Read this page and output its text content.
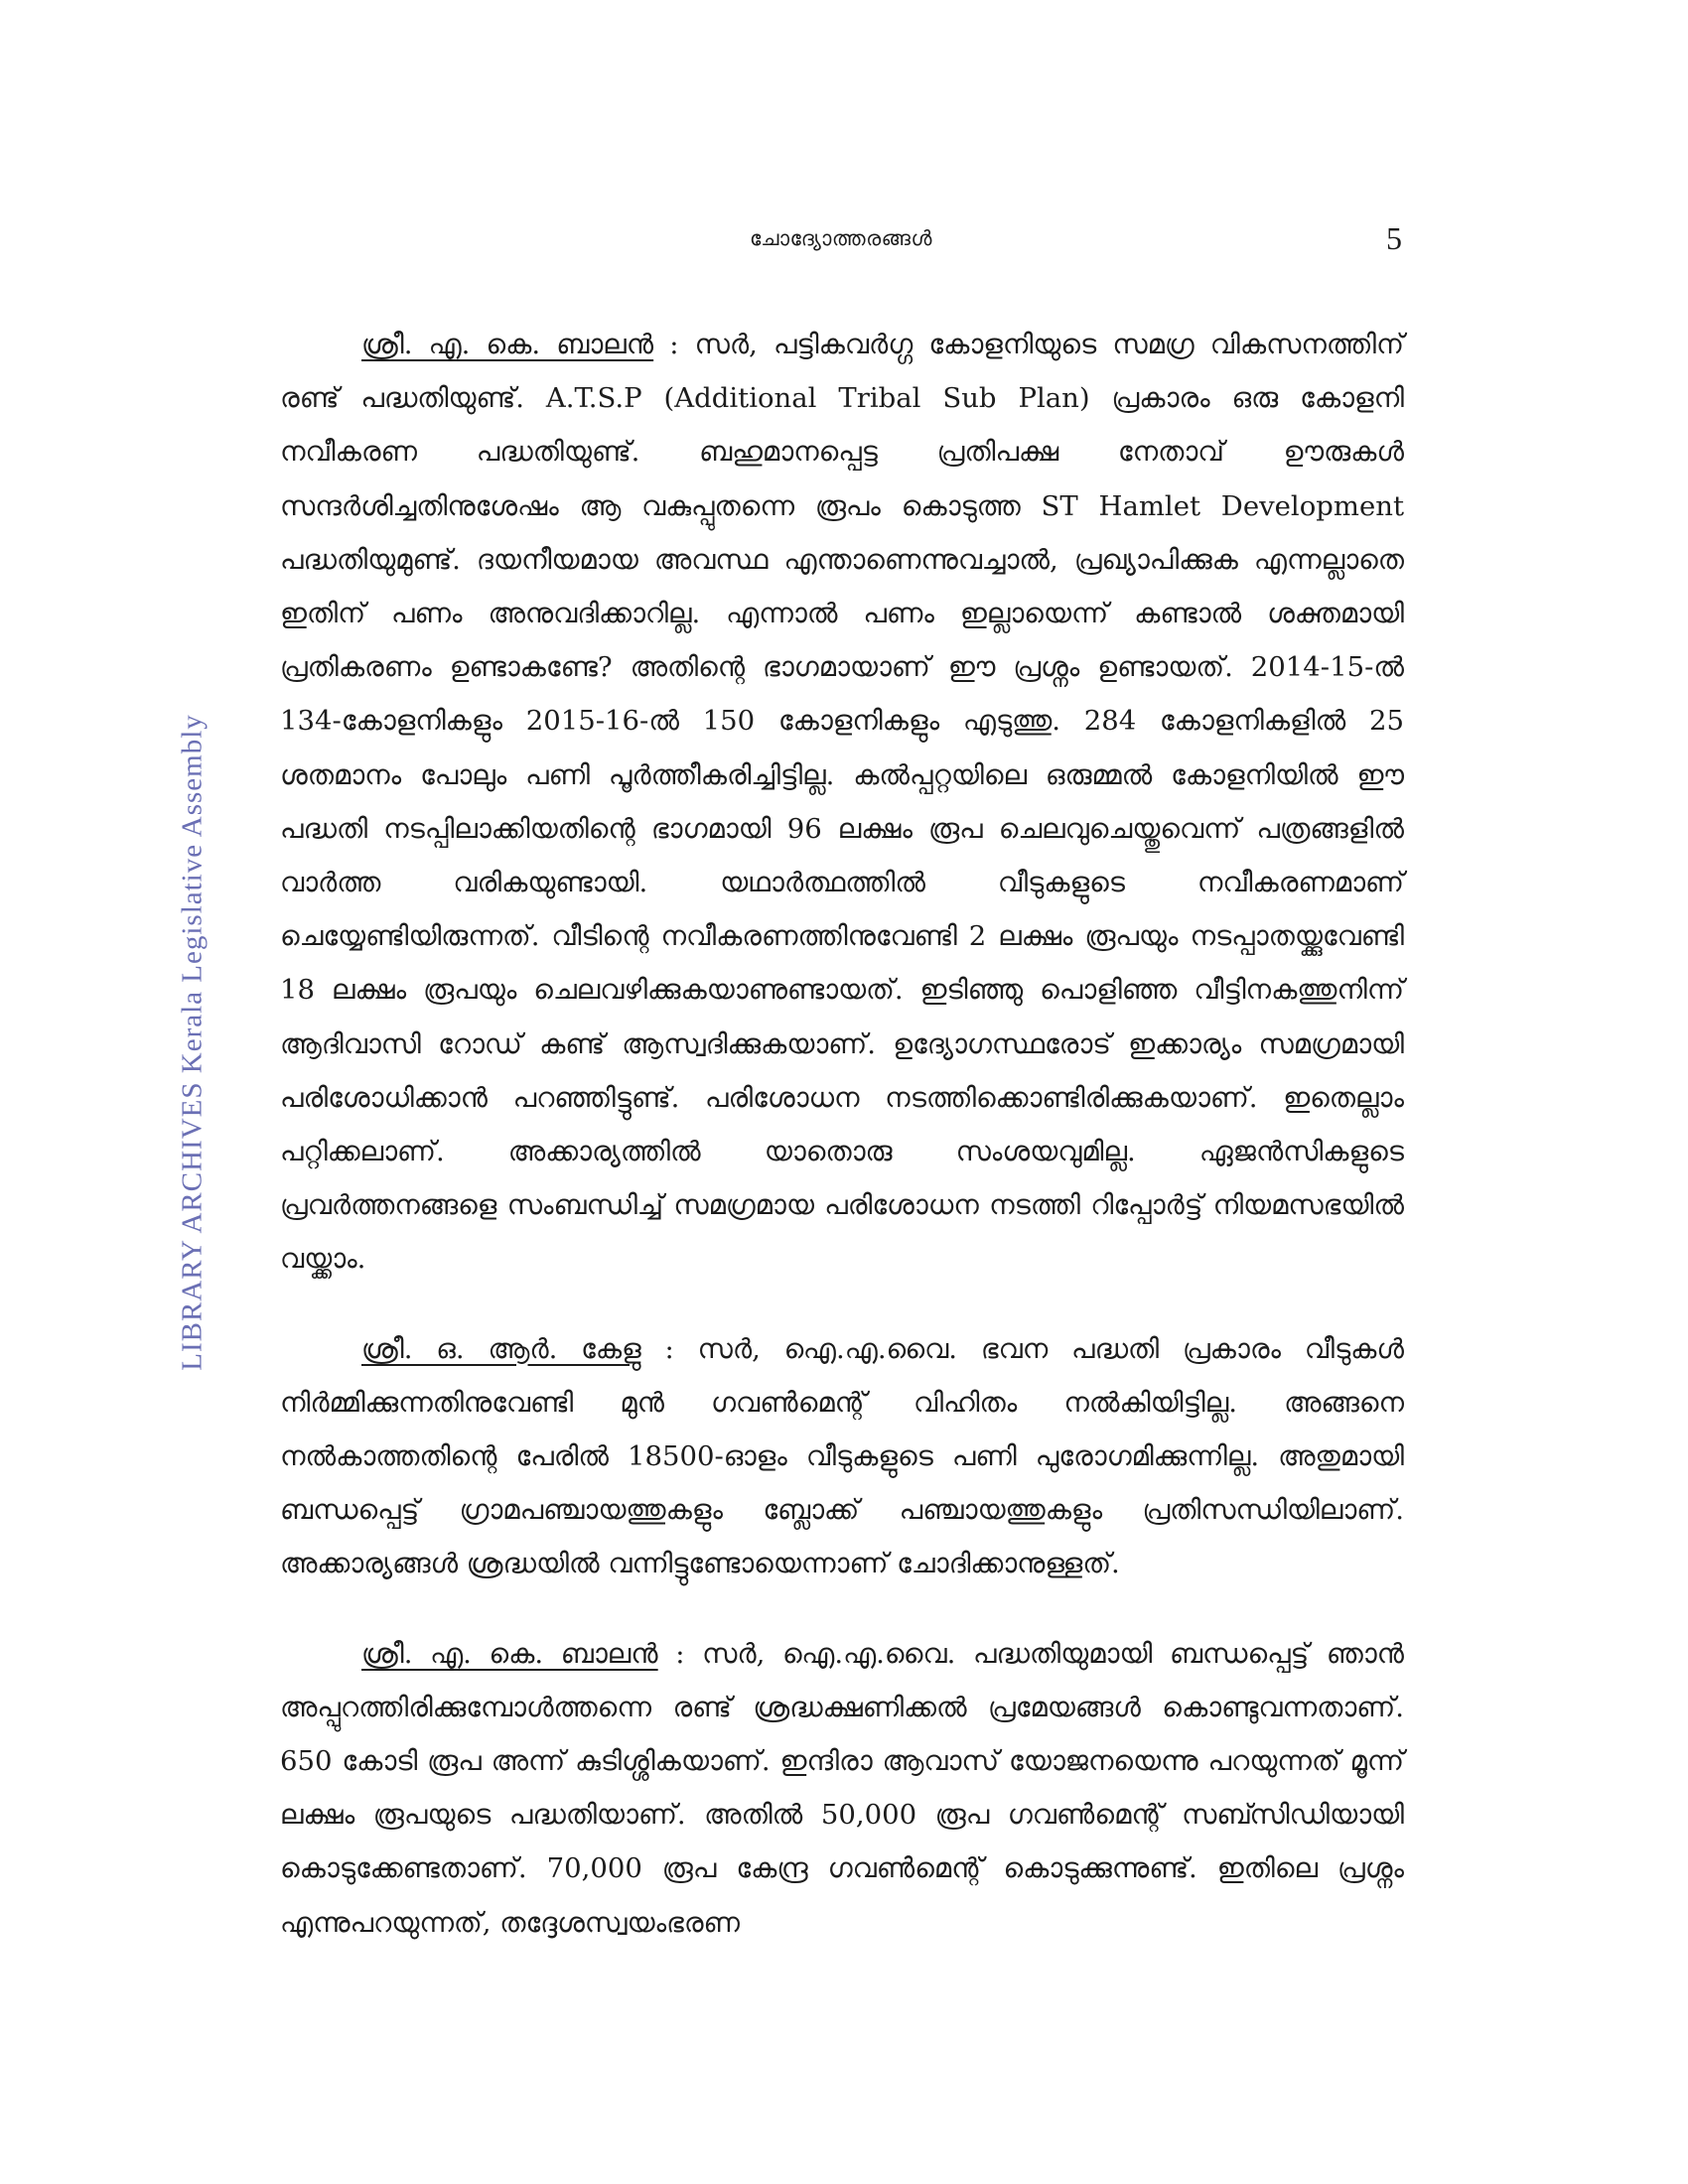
ചോദ്യോത്തരങ്ങൾ	5
LIBRARY ARCHIVES Kerala Legislative Assembly

ശ്രീ. എ. കെ. ബാലൻ : സർ, പട്ടികവർഗ്ഗ കോളനിയുടെ സമഗ്ര വികസനത്തിന് രണ്ട് പദ്ധതിയുണ്ട്. A.T.S.P (Additional Tribal Sub Plan) പ്രകാരം ഒരു കോളനി നവീകരണ പദ്ധതിയുണ്ട്. ബഹുമാനപ്പെട്ട പ്രതിപക്ഷ നേതാവ് ഊരുകൾ സന്ദർശിച്ചതിനുശേഷം ആ വകുപ്പുതന്നെ രൂപം കൊടുത്ത ST Hamlet Development പദ്ധതിയുമുണ്ട്. ദയനീയമായ അവസ്ഥ എന്താണെന്നുവച്ചാൽ, പ്രഖ്യാപിക്കുക എന്നല്ലാതെ ഇതിന് പണം അനുവദിക്കാറില്ല. എന്നാൽ പണം ഇല്ലായെന്ന് കണ്ടാൽ ശക്തമായി പ്രതികരണം ഉണ്ടാകണ്ടേ? അതിന്റെ ഭാഗമായാണ് ഈ പ്രശ്നം ഉണ്ടായത്. 2014-15-ൽ 134-കോളനികളും 2015-16-ൽ 150 കോളനികളും എടുത്തു. 284 കോളനികളിൽ 25 ശതമാനം പോലും പണി പൂർത്തീകരിച്ചിട്ടില്ല. കൽപ്പറ്റയിലെ ഒരുമ്മൽ കോളനിയിൽ ഈ പദ്ധതി നടപ്പിലാക്കിയതിന്റെ ഭാഗമായി 96 ലക്ഷം രൂപ ചെലവുചെയ്തുവെന്ന് പത്രങ്ങളിൽ വാർത്ത വരികയുണ്ടായി. യഥാർത്ഥത്തിൽ വീടുകളുടെ നവീകരണമാണ് ചെയ്യേണ്ടിയിരുന്നത്. വീടിന്റെ നവീകരണത്തിനുവേണ്ടി 2 ലക്ഷം രൂപയും നടപ്പാതയ്ക്കുവേണ്ടി 18 ലക്ഷം രൂപയും ചെലവഴിക്കുകയാണുണ്ടായത്. ഇടിഞ്ഞു പൊളിഞ്ഞ വീട്ടിനകത്തുനിന്ന് ആദിവാസി റോഡ് കണ്ട് ആസ്വദിക്കുകയാണ്. ഉദ്യോഗസ്ഥരോട് ഇക്കാര്യം സമഗ്രമായി പരിശോധിക്കാൻ പറഞ്ഞിട്ടുണ്ട്. പരിശോധന നടത്തിക്കൊണ്ടിരിക്കുകയാണ്. ഇതെല്ലാം പറ്റിക്കലാണ്. അക്കാര്യത്തിൽ യാതൊരു സംശയവുമില്ല. ഏജൻസികളുടെ പ്രവർത്തനങ്ങളെ സംബന്ധിച്ച് സമഗ്രമായ പരിശോധന നടത്തി റിപ്പോർട്ട് നിയമസഭയിൽ വയ്ക്കാം.

ശ്രീ. ഒ. ആർ. കേളു : സർ, ഐ.എ.വൈ. ഭവന പദ്ധതി പ്രകാരം വീടുകൾ നിർമ്മിക്കുന്നതിനുവേണ്ടി മുൻ ഗവൺമെന്റ് വിഹിതം നൽകിയിട്ടില്ല. അങ്ങനെ നൽകാത്തതിന്റെ പേരിൽ 18500-ഓളം വീടുകളുടെ പണി പുരോഗമിക്കുന്നില്ല. അതുമായി ബന്ധപ്പെട്ട് ഗ്രാമപഞ്ചായത്തുകളും ബ്ലോക്ക് പഞ്ചായത്തുകളും പ്രതിസന്ധിയിലാണ്. അക്കാര്യങ്ങൾ ശ്രദ്ധയിൽ വന്നിട്ടുണ്ടോയെന്നാണ് ചോദിക്കാനുള്ളത്.

ശ്രീ. എ. കെ. ബാലൻ : സർ, ഐ.എ.വൈ. പദ്ധതിയുമായി ബന്ധപ്പെട്ട് ഞാൻ അപ്പുറത്തിരിക്കുമ്പോൾത്തന്നെ രണ്ട് ശ്രദ്ധക്ഷണിക്കൽ പ്രമേയങ്ങൾ കൊണ്ടുവന്നതാണ്. 650 കോടി രൂപ അന്ന് കുടിശ്ശികയാണ്. ഇന്ദിരാ ആവാസ് യോജനയെന്നു പറയുന്നത് മൂന്ന് ലക്ഷം രൂപയുടെ പദ്ധതിയാണ്. അതിൽ 50,000 രൂപ ഗവൺമെന്റ് സബ്സിഡിയായി കൊടുക്കേണ്ടതാണ്. 70,000 രൂപ കേന്ദ്ര ഗവൺമെന്റ് കൊടുക്കുന്നുണ്ട്. ഇതിലെ പ്രശ്നം എന്നുപറയുന്നത്, തദ്ദേശസ്വയംഭരണ
